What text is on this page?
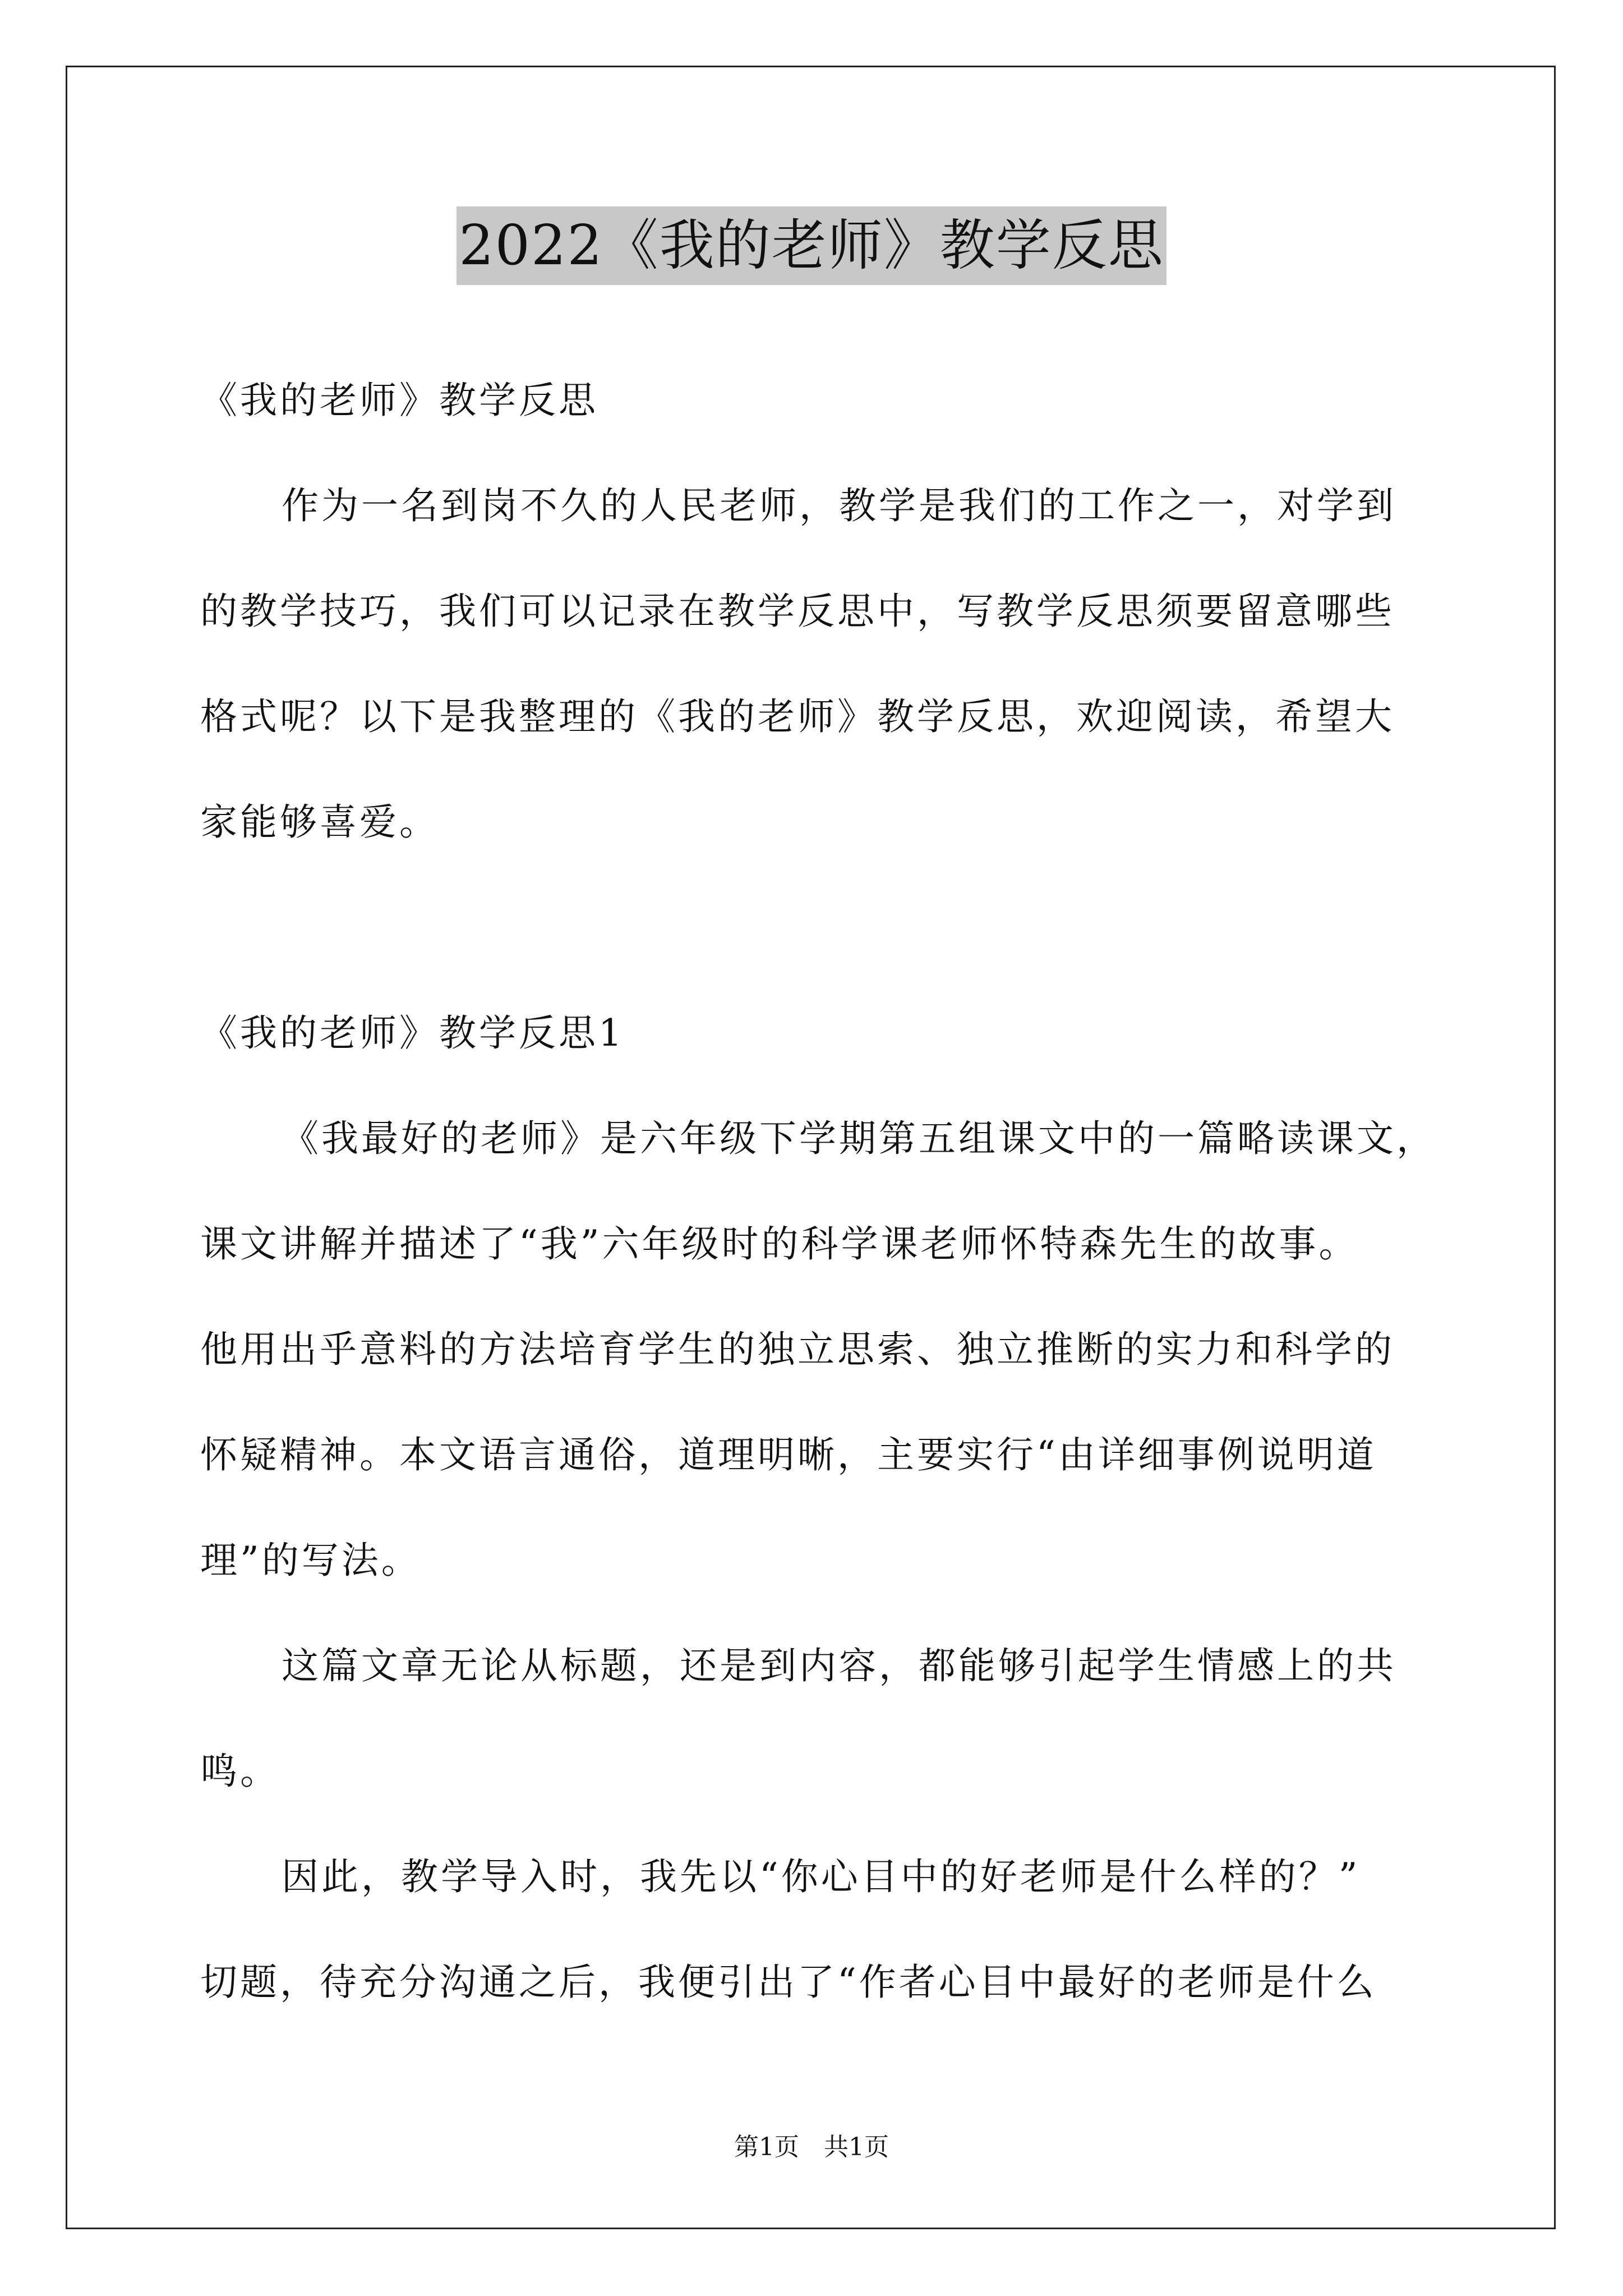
2022《我的老师》教学反思
《我的老师》教学反思
作为一名到岗不久的人民老师，教学是我们的工作之一，对学到
的教学技巧，我们可以记录在教学反思中，写教学反思须要留意哪些
格式呢？以下是我整理的《我的老师》教学反思，欢迎阅读，希望大
家能够喜爱。
《我的老师》教学反思1
《我最好的老师》是六年级下学期第五组课文中的一篇略读课文，
课文讲解并描述了“我”六年级时的科学课老师怀特森先生的故事。
他用出乎意料的方法培育学生的独立思索、独立推断的实力和科学的
怀疑精神。本文语言通俗，道理明晰，主要实行“由详细事例说明道
理”的写法。
这篇文章无论从标题，还是到内容，都能够引起学生情感上的共
鸣。
因此，教学导入时，我先以“你心目中的好老师是什么样的？”
切题，待充分沟通之后，我便引出了“作者心目中最好的老师是什么
第1页　共1页
